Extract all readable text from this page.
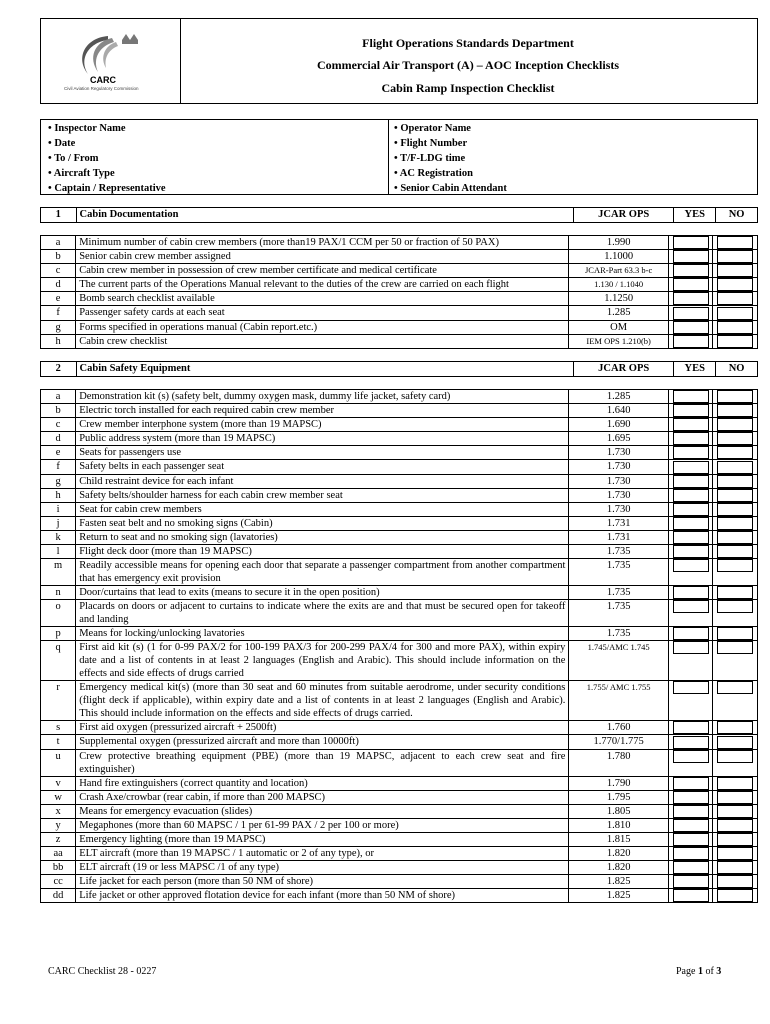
CARC
Civil Aviation Regulatory Commission
Flight Operations Standards Department
Commercial Air Transport (A) – AOC Inception Checklists
Cabin Ramp Inspection Checklist
• Inspector Name
• Date
• To / From
• Aircraft Type
• Captain / Representative
• Operator Name
• Flight Number
• T/F-LDG time
• AC Registration
• Senior Cabin Attendant
1	Cabin Documentation	JCAR OPS	YES	NO
a	Minimum number of cabin crew members (more than19 PAX/1 CCM per 50 or fraction of 50 PAX)	1.990		
b	Senior cabin crew member assigned	1.1000		
c	Cabin crew member in possession of crew member certificate and medical certificate	JCAR-Part 63.3 b-c		
d	The current parts of the Operations Manual relevant to the duties of the crew are carried on each flight	1.130 / 1.1040		
e	Bomb search checklist available	1.1250		
f	Passenger safety cards at each seat	1.285		
g	Forms specified in operations manual (Cabin report.etc.)	OM		
h	Cabin crew checklist	IEM OPS 1.210(b)		
2	Cabin Safety Equipment	JCAR OPS	YES	NO
a	Demonstration kit (s) (safety belt, dummy oxygen mask, dummy life jacket, safety card)	1.285		
b	Electric torch installed for each required cabin crew member	1.640		
c	Crew member interphone system (more than 19 MAPSC)	1.690		
d	Public address system (more than 19 MAPSC)	1.695		
e	Seats for passengers use	1.730		
f	Safety belts in each passenger seat	1.730		
g	Child restraint device for each infant	1.730		
h	Safety belts/shoulder harness for each cabin crew member seat	1.730		
i	Seat for cabin crew members	1.730		
j	Fasten seat belt and no smoking signs (Cabin)	1.731		
k	Return to seat and no smoking sign (lavatories)	1.731		
l	Flight deck door (more than 19 MAPSC)	1.735		
m	Readily accessible means for opening each door that separate a passenger compartment from another compartment that has emergency exit provision	1.735		
n	Door/curtains that lead to exits (means to secure it in the open position)	1.735		
o	Placards on doors or adjacent to curtains to indicate where the exits are and that must be secured open for takeoff and landing	1.735		
p	Means for locking/unlocking lavatories	1.735		
q	First aid kit (s) (1 for 0-99 PAX/2 for 100-199 PAX/3 for 200-299 PAX/4 for 300 and more PAX), within expiry date and a list of contents in at least 2 languages (English and Arabic). This should include information on the effects and side effects of drugs carried	1.745/AMC 1.745		
r	Emergency medical kit(s) (more than 30 seat and 60 minutes from suitable aerodrome, under security conditions (flight deck if applicable), within expiry date and a list of contents in at least 2 languages (English and Arabic). This should include information on the effects and side effects of drugs carried.	1.755/ AMC 1.755		
s	First aid oxygen (pressurized aircraft + 2500ft)	1.760		
t	Supplemental oxygen (pressurized aircraft and more than 10000ft)	1.770/1.775		
u	Crew protective breathing equipment (PBE) (more than 19 MAPSC, adjacent to each crew seat and fire extinguisher)	1.780		
v	Hand fire extinguishers (correct quantity and location)	1.790		
w	Crash Axe/crowbar (rear cabin, if more than 200 MAPSC)	1.795		
x	Means for emergency evacuation (slides)	1.805		
y	Megaphones (more than 60 MAPSC / 1 per 61-99 PAX / 2 per 100 or more)	1.810		
z	Emergency lighting (more than 19 MAPSC)	1.815		
aa	ELT aircraft (more than 19 MAPSC / 1 automatic or 2 of any type), or	1.820		
bb	ELT aircraft (19 or less MAPSC /1 of any type)	1.820		
cc	Life jacket for each person (more than 50 NM of shore)	1.825		
dd	Life jacket or other approved flotation device for each infant (more than 50 NM of shore)	1.825		
CARC Checklist 28 - 0227	Page 1 of 3
